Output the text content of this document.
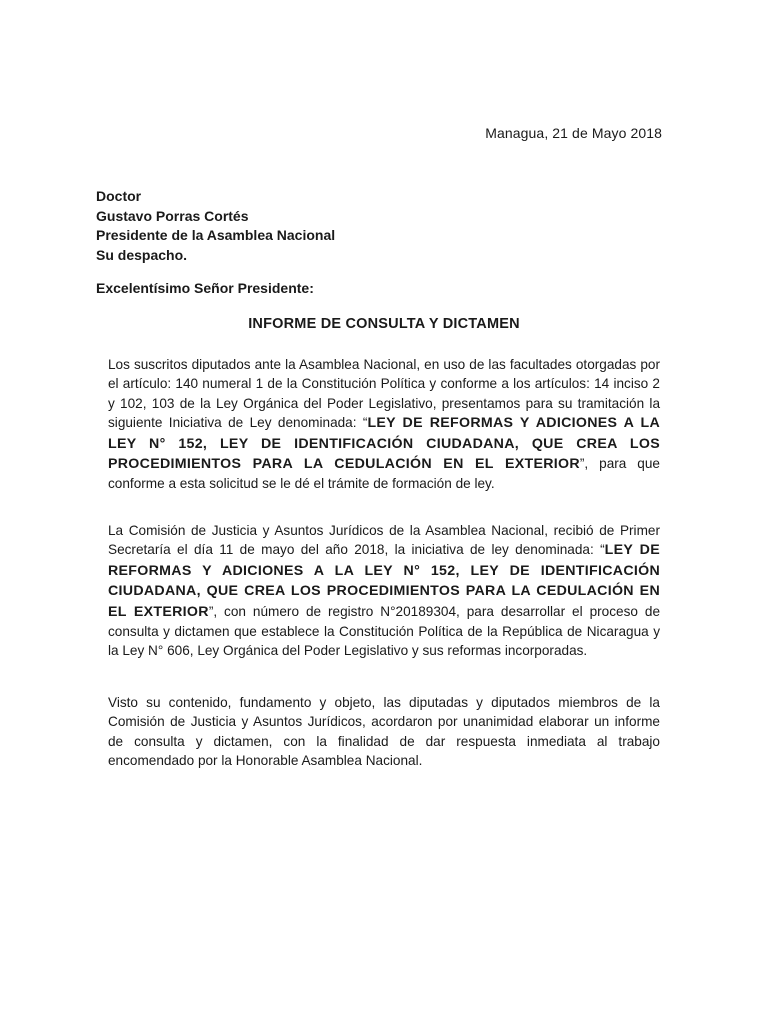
Managua, 21 de Mayo 2018
Doctor
Gustavo Porras Cortés
Presidente de la Asamblea Nacional
Su despacho.
Excelentísimo Señor Presidente:
INFORME DE CONSULTA Y DICTAMEN

Los suscritos diputados ante la Asamblea Nacional, en uso de las facultades otorgadas por el artículo: 140 numeral 1 de la Constitución Política y conforme a los artículos: 14 inciso 2 y 102, 103 de la Ley Orgánica del Poder Legislativo, presentamos para su tramitación la siguiente Iniciativa de Ley denominada: “LEY DE REFORMAS Y ADICIONES A LA LEY N° 152, LEY DE IDENTIFICACIÓN CIUDADANA, QUE CREA LOS PROCEDIMIENTOS PARA LA CEDULACIÓN EN EL EXTERIOR”, para que conforme a esta solicitud se le dé el trámite de formación de ley.

La Comisión de Justicia y Asuntos Jurídicos de la Asamblea Nacional, recibió de Primer Secretaría el día 11 de mayo del año 2018, la iniciativa de ley denominada: “LEY DE REFORMAS Y ADICIONES A LA LEY N° 152, LEY DE IDENTIFICACIÓN CIUDADANA, QUE CREA LOS PROCEDIMIENTOS PARA LA CEDULACIÓN EN EL EXTERIOR”, con número de registro N°20189304, para desarrollar el proceso de consulta y dictamen que establece la Constitución Política de la República de Nicaragua y la Ley N° 606, Ley Orgánica del Poder Legislativo y sus reformas incorporadas.

Visto su contenido, fundamento y objeto, las diputadas y diputados miembros de la Comisión de Justicia y Asuntos Jurídicos, acordaron por unanimidad elaborar un informe de consulta y dictamen, con la finalidad de dar respuesta inmediata al trabajo encomendado por la Honorable Asamblea Nacional.
